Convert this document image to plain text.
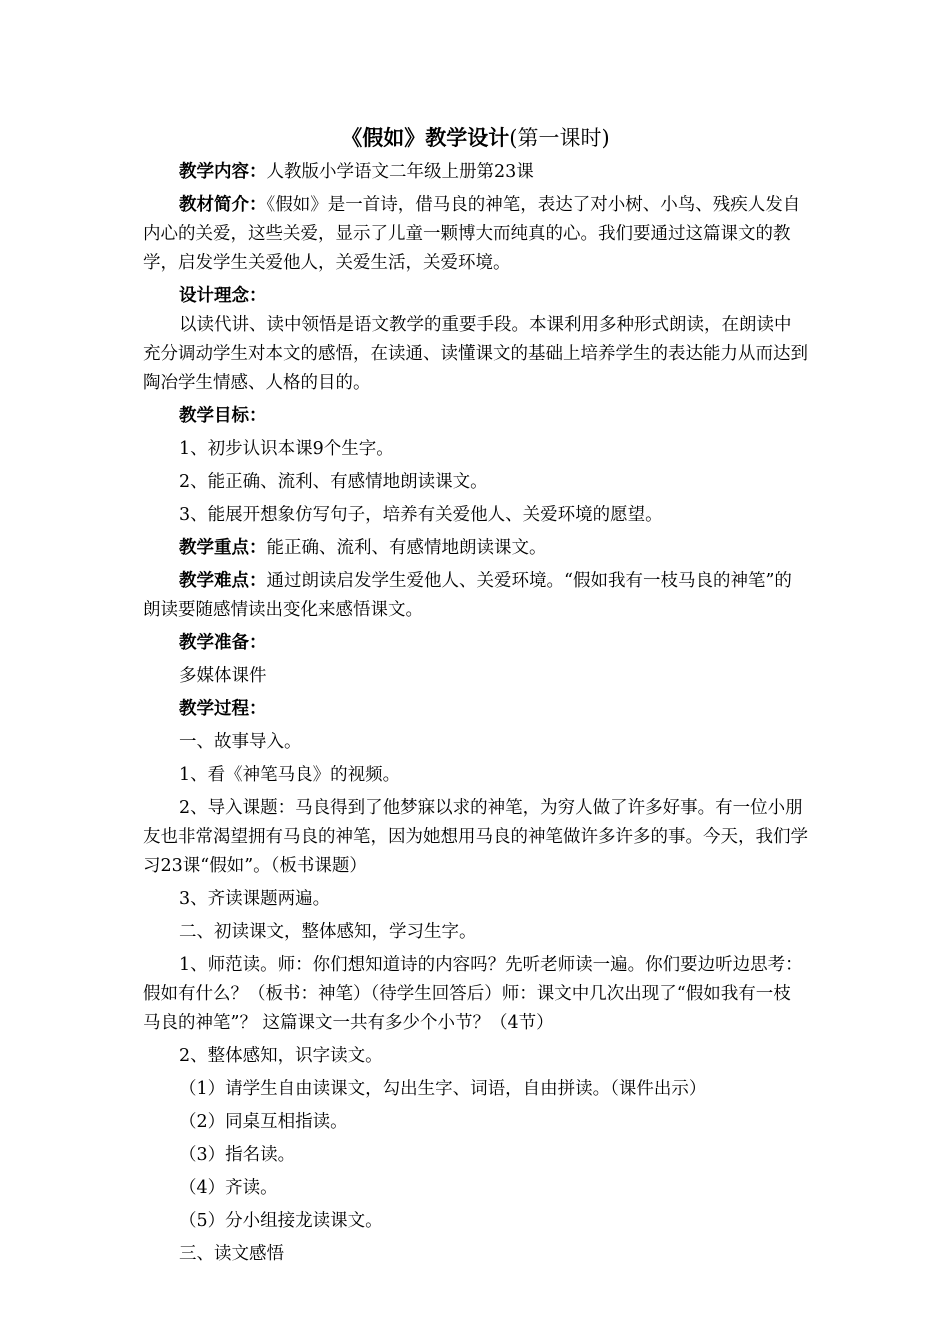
《假如》教学设计(第一课时)

教学内容：人教版小学语文二年级上册第23课

教材简介：《假如》是一首诗，借马良的神笔，表达了对小树、小鸟、残疾人发自内心的关爱，这些关爱，显示了儿童一颗博大而纯真的心。我们要通过这篇课文的教学，启发学生关爱他人，关爱生活，关爱环境。

设计理念：

以读代讲、读中领悟是语文教学的重要手段。本课利用多种形式朗读，在朗读中充分调动学生对本文的感悟，在读通、读懂课文的基础上培养学生的表达能力从而达到陶冶学生情感、人格的目的。

教学目标：

1、初步认识本课9个生字。

2、能正确、流利、有感情地朗读课文。

3、能展开想象仿写句子，培养有关爱他人、关爱环境的愿望。

教学重点：能正确、流利、有感情地朗读课文。

教学难点：通过朗读启发学生爱他人、关爱环境。“假如我有一枝马良的神笔”的朗读要随感情读出变化来感悟课文。

教学准备：

多媒体课件

教学过程：

一、故事导入。

1、看《神笔马良》的视频。

2、导入课题：马良得到了他梦寐以求的神笔，为穷人做了许多好事。有一位小朋友也非常渴望拥有马良的神笔，因为她想用马良的神笔做许多许多的事。今天，我们学习23课“假如”。（板书课题）

3、齐读课题两遍。

二、初读课文，整体感知，学习生字。

1、师范读。师：你们想知道诗的内容吗？先听老师读一遍。你们要边听边思考：假如有什么？（板书：神笔）（待学生回答后）师：课文中几次出现了“假如我有一枝马良的神笔”？ 这篇课文一共有多少个小节？（4节）

2、整体感知，识字读文。

（1）请学生自由读课文，勾出生字、词语，自由拼读。（课件出示）

（2）同桌互相指读。

（3）指名读。

（4）齐读。

（5）分小组接龙读课文。

三、读文感悟
